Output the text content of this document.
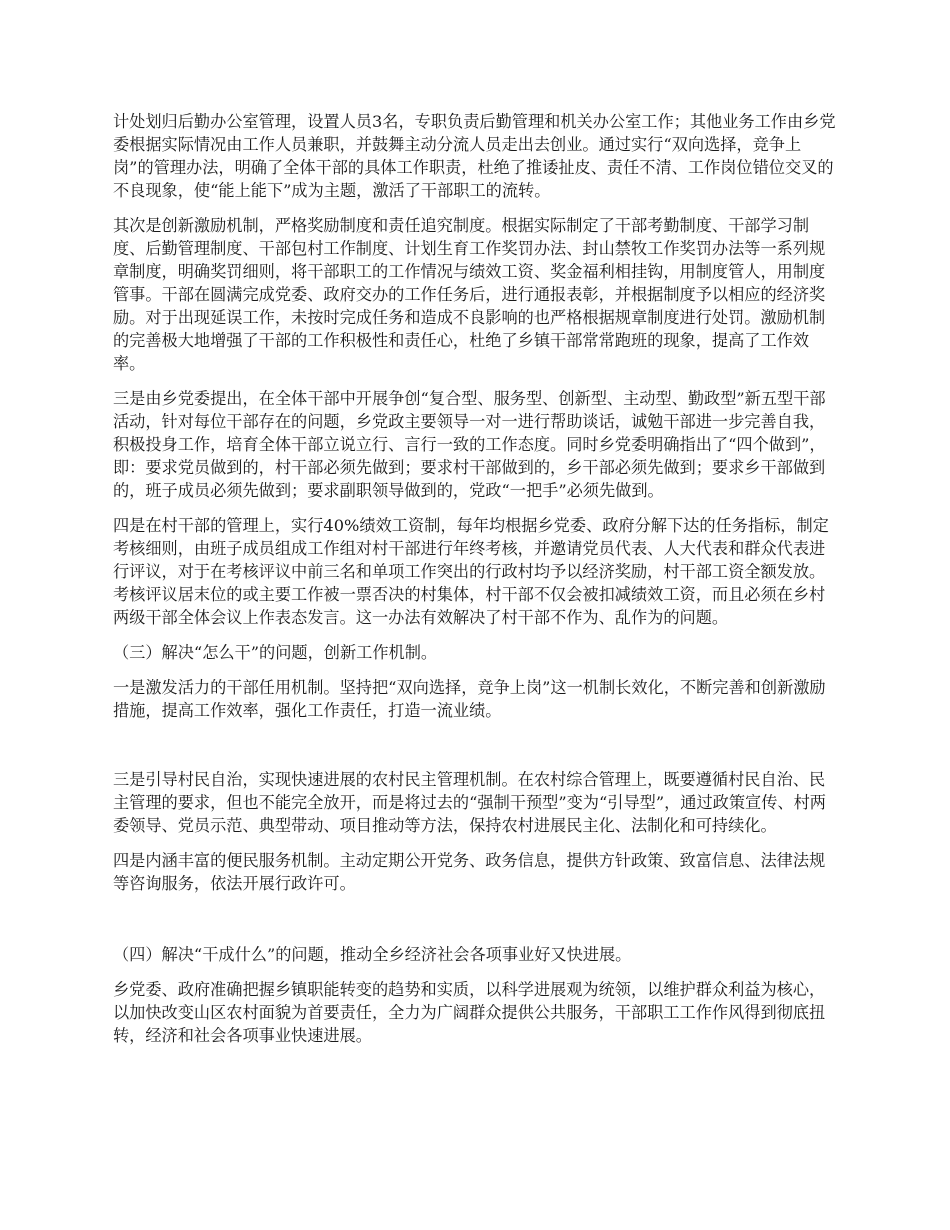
计处划归后勤办公室管理，设置人员3名，专职负责后勤管理和机关办公室工作；其他业务工作由乡党委根据实际情况由工作人员兼职，并鼓舞主动分流人员走出去创业。通过实行“双向选择，竞争上岗”的管理办法，明确了全体干部的具体工作职责，杜绝了推诿扯皮、责任不清、工作岗位错位交叉的不良现象，使“能上能下”成为主题，激活了干部职工的流转。

其次是创新激励机制，严格奖励制度和责任追究制度。根据实际制定了干部考勤制度、干部学习制度、后勤管理制度、干部包村工作制度、计划生育工作奖罚办法、封山禁牧工作奖罚办法等一系列规章制度，明确奖罚细则，将干部职工的工作情况与绩效工资、奖金福利相挂钩，用制度管人，用制度管事。干部在圆满完成党委、政府交办的工作任务后，进行通报表彰，并根据制度予以相应的经济奖励。对于出现延误工作，未按时完成任务和造成不良影响的也严格根据规章制度进行处罚。激励机制的完善极大地增强了干部的工作积极性和责任心，杜绝了乡镇干部常常跑班的现象，提高了工作效率。

三是由乡党委提出，在全体干部中开展争创“复合型、服务型、创新型、主动型、勤政型”新五型干部活动，针对每位干部存在的问题，乡党政主要领导一对一进行帮助谈话，诚勉干部进一步完善自我，积极投身工作，培育全体干部立说立行、言行一致的工作态度。同时乡党委明确指出了“四个做到”，即：要求党员做到的，村干部必须先做到；要求村干部做到的，乡干部必须先做到；要求乡干部做到的，班子成员必须先做到；要求副职领导做到的，党政“一把手”必须先做到。

四是在村干部的管理上，实行40%绩效工资制，每年均根据乡党委、政府分解下达的任务指标，制定考核细则，由班子成员组成工作组对村干部进行年终考核，并邀请党员代表、人大代表和群众代表进行评议，对于在考核评议中前三名和单项工作突出的行政村均予以经济奖励，村干部工资全额发放。考核评议居末位的或主要工作被一票否决的村集体，村干部不仅会被扣减绩效工资，而且必须在乡村两级干部全体会议上作表态发言。这一办法有效解决了村干部不作为、乱作为的问题。

（三）解决“怎么干”的问题，创新工作机制。

一是激发活力的干部任用机制。坚持把“双向选择，竞争上岗”这一机制长效化，不断完善和创新激励措施，提高工作效率，强化工作责任，打造一流业绩。

三是引导村民自治，实现快速进展的农村民主管理机制。在农村综合管理上，既要遵循村民自治、民主管理的要求，但也不能完全放开，而是将过去的“强制干预型”变为“引导型”，通过政策宣传、村两委领导、党员示范、典型带动、项目推动等方法，保持农村进展民主化、法制化和可持续化。

四是内涵丰富的便民服务机制。主动定期公开党务、政务信息，提供方针政策、致富信息、法律法规等咨询服务，依法开展行政许可。

（四）解决“干成什么”的问题，推动全乡经济社会各项事业好又快进展。

乡党委、政府准确把握乡镇职能转变的趋势和实质，以科学进展观为统领，以维护群众利益为核心，以加快改变山区农村面貌为首要责任，全力为广阔群众提供公共服务，干部职工工作作风得到彻底扭转，经济和社会各项事业快速进展。
